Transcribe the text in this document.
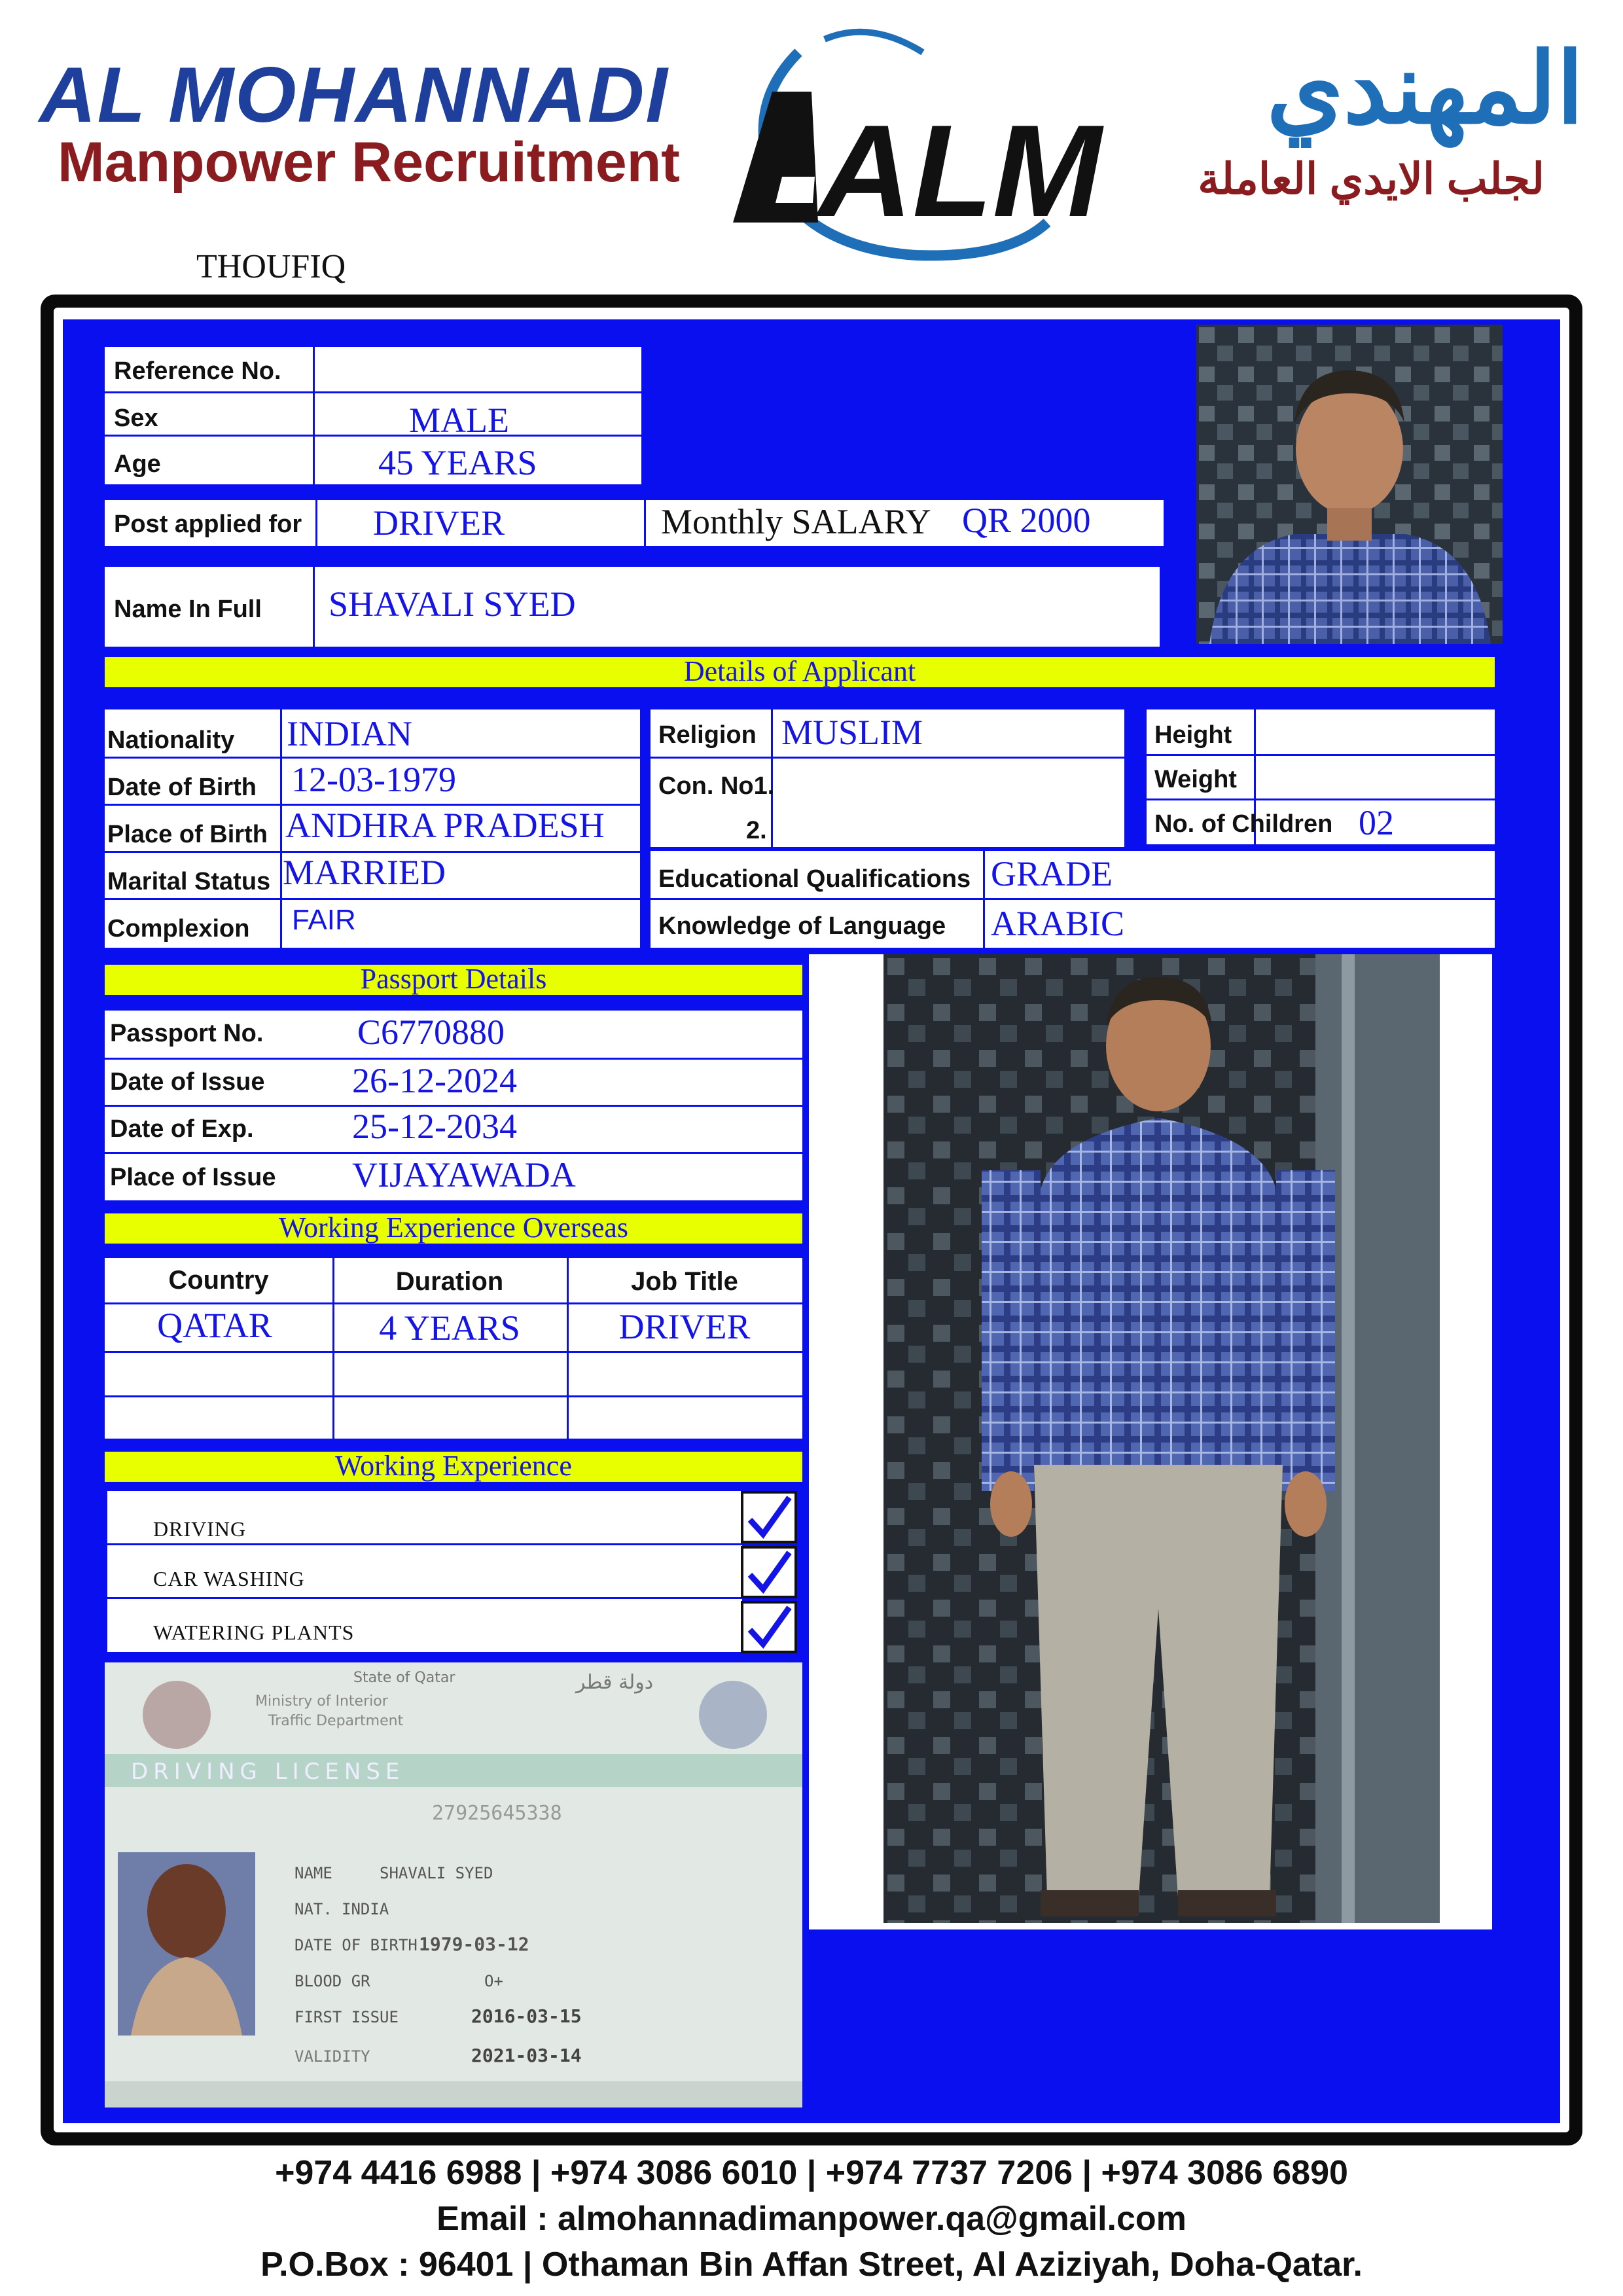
AL MOHANNADI
Manpower Recruitment ALM
المهندي
لجلب الايدي العاملة
THOUFIQ
Reference No.
Sex	MALE
Age	45 YEARS
Post applied for DRIVER	Monthly SALARY QR 2000
Name In Full SHAVALI SYED
Details of Applicant
Nationality INDIAN
Date of Birth 12-03-1979
Place of Birth ANDHRA PRADESH
Marital Status MARRIED
Complexion FAIR
Religion MUSLIM
Con. No1.
2.
Height
Weight
No. of Children 02
Educational Qualifications GRADE
Knowledge of Language ARABIC
Passport Details
Passport No.	C6770880
Date of Issue 26-12-2024
Date of Exp.	25-12-2034
Place of Issue VIJAYAWADA
Working Experience Overseas
Country	Duration	Job Title
QATAR	4 YEARS	DRIVER
Working Experience
DRIVING
CAR WASHING
WATERING PLANTS
State of Qatar
Ministry of Interior
Traffic Department
دولة قطر
DRIVING LICENSE
27925645338
NAME	SHAVALI SYED
NAT. INDIA
DATE OF BIRTH 1979-03-12
BLOOD GR	O+
FIRST ISSUE	2016-03-15
VALIDITY	2021-03-14
+974 4416 6988 | +974 3086 6010 | +974 7737 7206 | +974 3086 6890
Email : almohannadimanpower.qa@gmail.com
P.O.Box : 96401 | Othaman Bin Affan Street, Al Aziziyah, Doha-Qatar.
